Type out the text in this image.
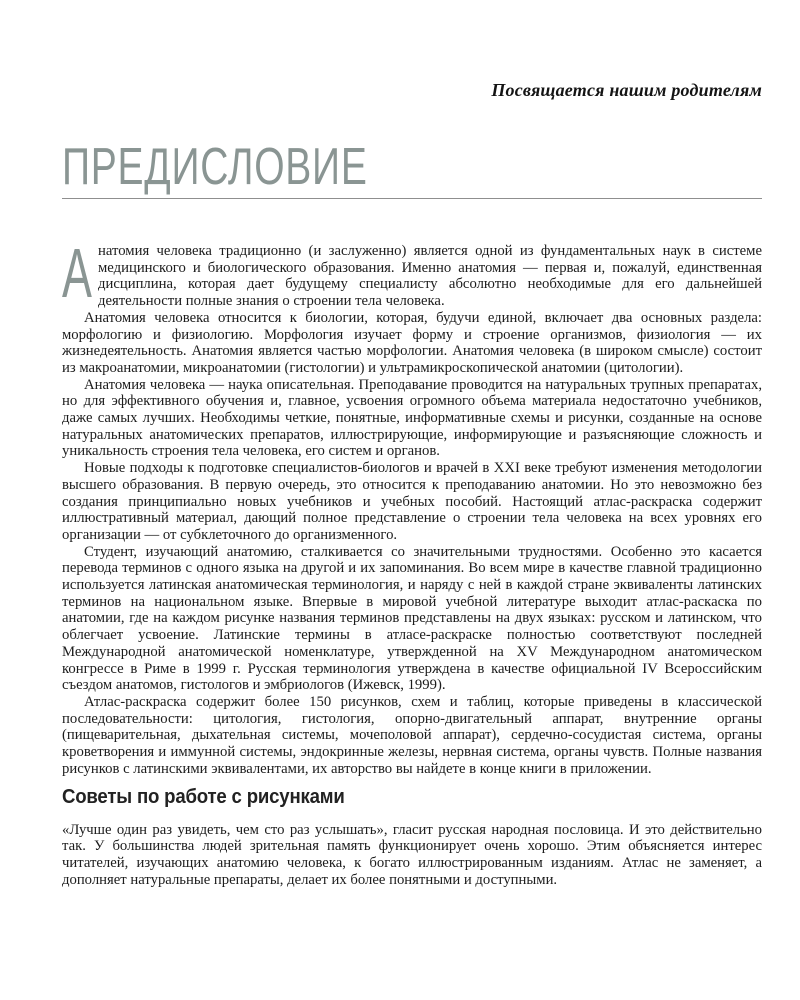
Посвящается нашим родителям
ПРЕДИСЛОВИЕ

Анатомия человека традиционно (и заслуженно) является одной из фундаментальных наук в системе медицинского и биологического образования. Именно анатомия — первая и, пожалуй, единственная дисциплина, которая дает будущему специалисту абсолютно необходимые для его дальнейшей деятельности полные знания о строении тела человека.

Анатомия человека относится к биологии, которая, будучи единой, включает два основных раздела: морфологию и физиологию. Морфология изучает форму и строение организмов, физиология — их жизнедеятельность. Анатомия является частью морфологии. Анатомия человека (в широком смысле) состоит из макроанатомии, микроанатомии (гистологии) и ультрамикроскопической анатомии (цитологии).

Анатомия человека — наука описательная. Преподавание проводится на натуральных трупных препаратах, но для эффективного обучения и, главное, усвоения огромного объема материала недостаточно учебников, даже самых лучших. Необходимы четкие, понятные, информативные схемы и рисунки, созданные на основе натуральных анатомических препаратов, иллюстрирующие, информирующие и разъясняющие сложность и уникальность строения тела человека, его систем и органов.

Новые подходы к подготовке специалистов-биологов и врачей в XXI веке требуют изменения методологии высшего образования. В первую очередь, это относится к преподаванию анатомии. Но это невозможно без создания принципиально новых учебников и учебных пособий. Настоящий атлас-раскраска содержит иллюстративный материал, дающий полное представление о строении тела человека на всех уровнях его организации — от субклеточного до организменного.

Студент, изучающий анатомию, сталкивается со значительными трудностями. Особенно это касается перевода терминов с одного языка на другой и их запоминания. Во всем мире в качестве главной традиционно используется латинская анатомическая терминология, и наряду с ней в каждой стране эквиваленты латинских терминов на национальном языке. Впервые в мировой учебной литературе выходит атлас-раскаска по анатомии, где на каждом рисунке названия терминов представлены на двух языках: русском и латинском, что облегчает усвоение. Латинские термины в атласе-раскраске полностью соответствуют последней Международной анатомической номенклатуре, утвержденной на XV Международном анатомическом конгрессе в Риме в 1999 г. Русская терминология утверждена в качестве официальной IV Всероссийским съездом анатомов, гистологов и эмбриологов (Ижевск, 1999).

Атлас-раскраска содержит более 150 рисунков, схем и таблиц, которые приведены в классической последовательности: цитология, гистология, опорно-двигательный аппарат, внутренние органы (пищеварительная, дыхательная системы, мочеполовой аппарат), сердечно-сосудистая система, органы кроветворения и иммунной системы, эндокринные железы, нервная система, органы чувств. Полные названия рисунков с латинскими эквивалентами, их авторство вы найдете в конце книги в приложении.

Советы по работе с рисунками

«Лучше один раз увидеть, чем сто раз услышать», гласит русская народная пословица. И это действительно так. У большинства людей зрительная память функционирует очень хорошо. Этим объясняется интерес читателей, изучающих анатомию человека, к богато иллюстрированным изданиям. Атлас не заменяет, а дополняет натуральные препараты, делает их более понятными и доступными.
